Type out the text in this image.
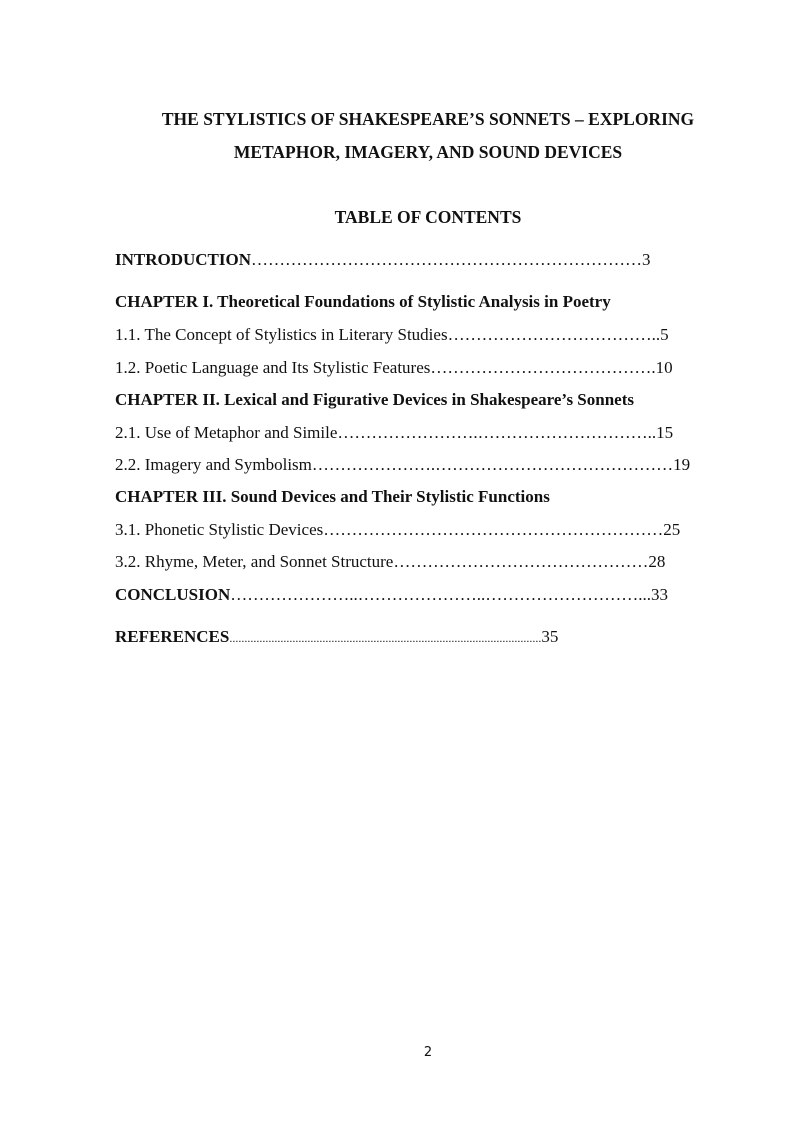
THE STYLISTICS OF SHAKESPEARE’S SONNETS – EXPLORING
METAPHOR, IMAGERY, AND SOUND DEVICES
TABLE OF CONTENTS
INTRODUCTION……………………………………………………………3
CHAPTER I. Theoretical Foundations of Stylistic Analysis in Poetry
1.1. The Concept of Stylistics in Literary Studies………………………………..5
1.2. Poetic Language and Its Stylistic Features………………………………….10
CHAPTER II. Lexical and Figurative Devices in Shakespeare’s Sonnets
2.1. Use of Metaphor and Simile…………………….…………………………..15
2.2. Imagery and Symbolism………………….……………………………………19
CHAPTER III. Sound Devices and Their Stylistic Functions
3.1. Phonetic Stylistic Devices……………………………………………………25
3.2. Rhyme, Meter, and Sonnet Structure………………………………………28
CONCLUSION…………………..…………………..………………………...33
REFERENCES........................................................................................................35
2
